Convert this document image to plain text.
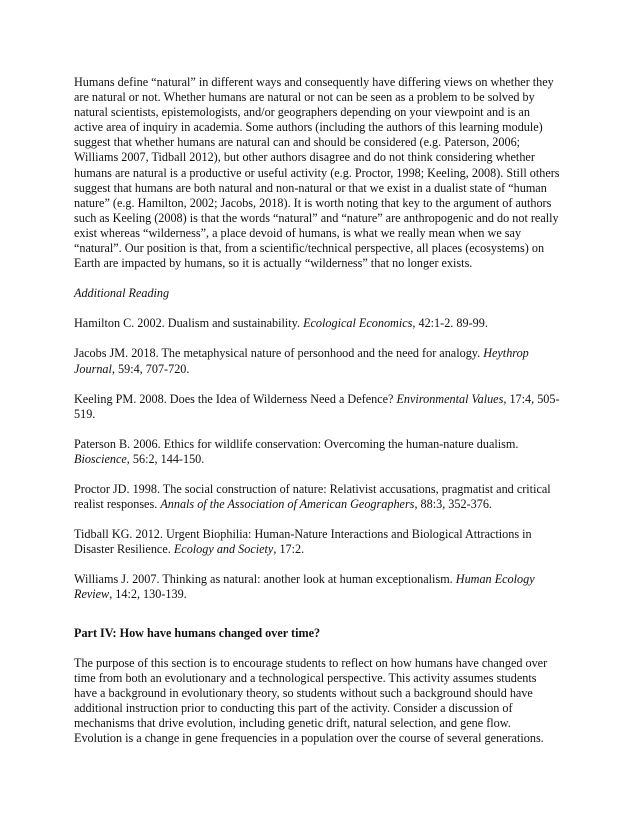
Humans define “natural” in different ways and consequently have differing views on whether they are natural or not. Whether humans are natural or not can be seen as a problem to be solved by natural scientists, epistemologists, and/or geographers depending on your viewpoint and is an active area of inquiry in academia. Some authors (including the authors of this learning module) suggest that whether humans are natural can and should be considered (e.g. Paterson, 2006; Williams 2007, Tidball 2012), but other authors disagree and do not think considering whether humans are natural is a productive or useful activity (e.g. Proctor, 1998; Keeling, 2008). Still others suggest that humans are both natural and non-natural or that we exist in a dualist state of “human nature” (e.g. Hamilton, 2002; Jacobs, 2018). It is worth noting that key to the argument of authors such as Keeling (2008) is that the words “natural” and “nature” are anthropogenic and do not really exist whereas “wilderness”, a place devoid of humans, is what we really mean when we say “natural”. Our position is that, from a scientific/technical perspective, all places (ecosystems) on Earth are impacted by humans, so it is actually “wilderness” that no longer exists.

Additional Reading

Hamilton C. 2002. Dualism and sustainability. Ecological Economics, 42:1-2. 89-99.

Jacobs JM. 2018. The metaphysical nature of personhood and the need for analogy. Heythrop Journal, 59:4, 707-720.

Keeling PM. 2008. Does the Idea of Wilderness Need a Defence? Environmental Values, 17:4, 505-519.

Paterson B. 2006. Ethics for wildlife conservation: Overcoming the human-nature dualism. Bioscience, 56:2, 144-150.

Proctor JD. 1998. The social construction of nature: Relativist accusations, pragmatist and critical realist responses. Annals of the Association of American Geographers, 88:3, 352-376.

Tidball KG. 2012. Urgent Biophilia: Human-Nature Interactions and Biological Attractions in Disaster Resilience. Ecology and Society, 17:2.

Williams J. 2007. Thinking as natural: another look at human exceptionalism. Human Ecology Review, 14:2, 130-139.

Part IV: How have humans changed over time?

The purpose of this section is to encourage students to reflect on how humans have changed over time from both an evolutionary and a technological perspective. This activity assumes students have a background in evolutionary theory, so students without such a background should have additional instruction prior to conducting this part of the activity. Consider a discussion of mechanisms that drive evolution, including genetic drift, natural selection, and gene flow. Evolution is a change in gene frequencies in a population over the course of several generations.
